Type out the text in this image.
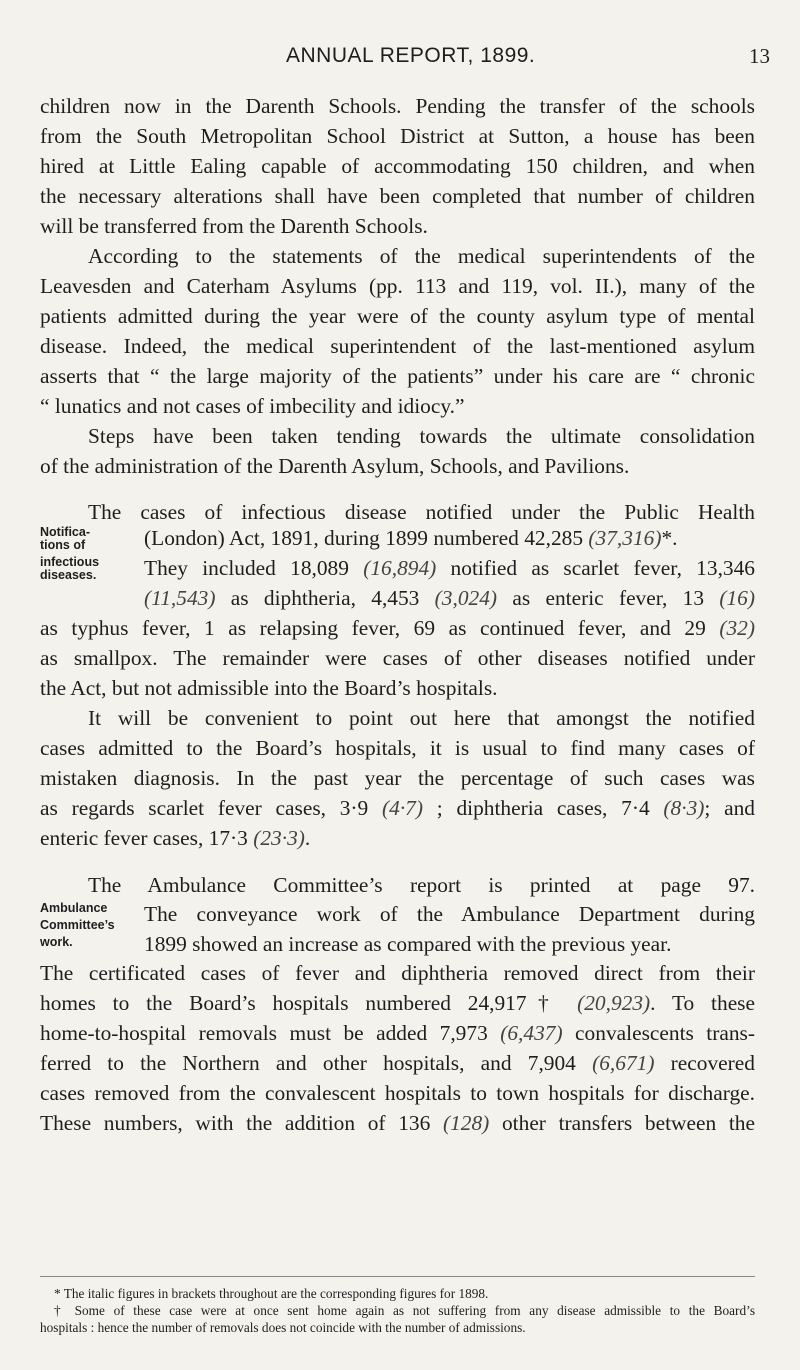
ANNUAL REPORT, 1899.	13
children now in the Darenth Schools. Pending the transfer of the schools
from the South Metropolitan School District at Sutton, a house has been
hired at Little Ealing capable of accommodating 150 children, and when
the necessary alterations shall have been completed that number of children
will be transferred from the Darenth Schools.
According to the statements of the medical superintendents of the
Leavesden and Caterham Asylums (pp. 113 and 119, vol. II.), many of the
patients admitted during the year were of the county asylum type of mental
disease. Indeed, the medical superintendent of the last-mentioned asylum
asserts that “ the large majority of the patients” under his care are “ chronic
“ lunatics and not cases of imbecility and idiocy.”
Steps have been taken tending towards the ultimate consolidation
of the administration of the Darenth Asylum, Schools, and Pavilions.
Notifica-
tions of
infectious
diseases.
The cases of infectious disease notified under the Public Health
(London) Act, 1891, during 1899 numbered 42,285 (37,316)*.
They included 18,089 (16,894) notified as scarlet fever, 13,346
(11,543) as diphtheria, 4,453 (3,024) as enteric fever, 13 (16)
as typhus fever, 1 as relapsing fever, 69 as continued fever, and 29 (32)
as smallpox. The remainder were cases of other diseases notified under
the Act, but not admissible into the Board’s hospitals.
It will be convenient to point out here that amongst the notified
cases admitted to the Board’s hospitals, it is usual to find many cases of
mistaken diagnosis. In the past year the percentage of such cases was
as regards scarlet fever cases, 3·9 (4·7) ; diphtheria cases, 7·4 (8·3); and
enteric fever cases, 17·3 (23·3).
Ambulance
Committee’s
work.
The Ambulance Committee’s report is printed at page 97.
The conveyance work of the Ambulance Department during
1899 showed an increase as compared with the previous year.
The certificated cases of fever and diphtheria removed direct from their
homes to the Board’s hospitals numbered 24,917† (20,923). To these
home-to-hospital removals must be added 7,973 (6,437) convalescents trans-
ferred to the Northern and other hospitals, and 7,904 (6,671) recovered
cases removed from the convalescent hospitals to town hospitals for discharge.
These numbers, with the addition of 136 (128) other transfers between the
* The italic figures in brackets throughout are the corresponding figures for 1898.
† Some of these case were at once sent home again as not suffering from any disease admissible to the Board’s
hospitals : hence the number of removals does not coincide with the number of admissions.
